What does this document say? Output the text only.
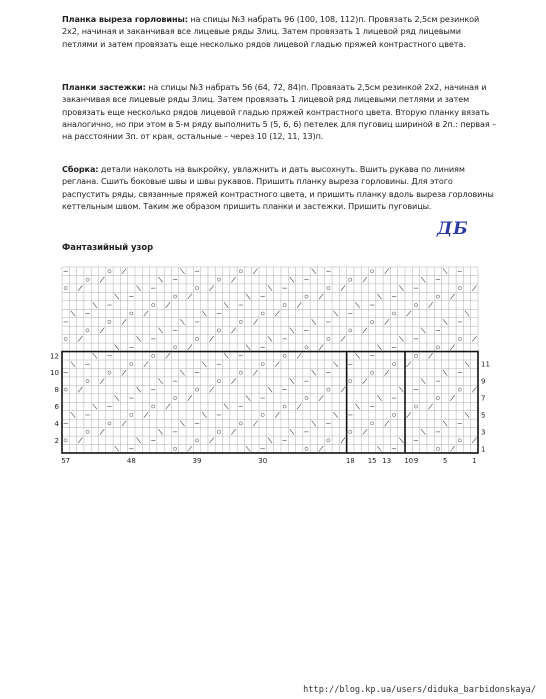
Планка выреза горловины: на спицы №3 набрать 96 (100, 108, 112)п. Провязать 2,5см резинкой 2х2, начиная и заканчивая все лицевые ряды 3лиц. Затем провязать 1 лицевой ряд лицевыми петлями и затем провязать еще несколько рядов лицевой гладью пряжей контрастного цвета.
Планки застежки: на спицы №3 набрать 56 (64, 72, 84)п. Провязать 2,5см резинкой 2х2, начиная и заканчивая все лицевые ряды 3лиц. Затем провязать 1 лицевой ряд лицевыми петлями и затем провязать еще несколько рядов лицевой гладью пряжей контрастного цвета. Вторую планку вязать аналогично, но при этом в 5-м ряду выполнить 5 (5, 6, 6) петелек для пуговиц шириной в 2п.: первая – на расстоянии 3п. от края, остальные – через 10 (12, 11, 13)п.
Сборка: детали наколоть на выкройку, увлажнить и дать высохнуть. Вшить рукава по линиям реглана. Сшить боковые швы и швы рукавов. Пришить планку выреза горловины. Для этого распустить ряды, связанные пряжей контрастного цвета, и пришить планку вдоль выреза горловины кеттельным швом. Таким же образом пришить планки и застежки. Пришить пуговицы.
ДБ
Фантазийный узор
12
10
8
6
4
2
11
9
7
5
3
1
57	48	39	30	18 15 13 10 9	5	1
http://blog.kp.ua/users/diduka_barbidonskaya/
